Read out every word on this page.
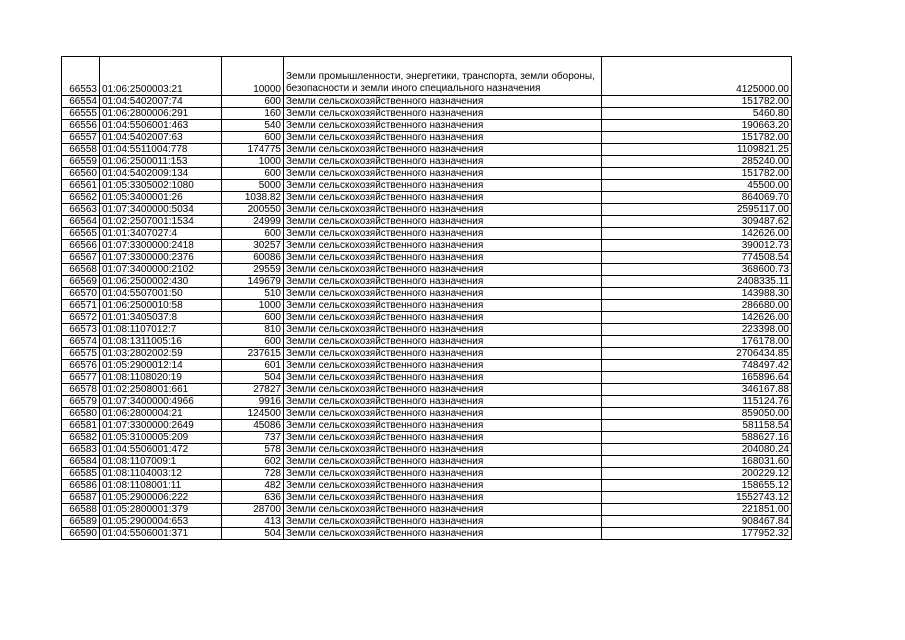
66553	01:06:2500003:21	10000	Земли промышленности, энергетики, транспорта, земли обороны, безопасности и земли иного специального назначения	4125000.00
66554	01:04:5402007:74	600	Земли сельскохозяйственного назначения	151782.00
66555	01:06:2800006:291	160	Земли сельскохозяйственного назначения	5460.80
66556	01:04:5506001:463	540	Земли сельскохозяйственного назначения	190663.20
66557	01:04:5402007:63	600	Земли сельскохозяйственного назначения	151782.00
66558	01:04:5511004:778	174775	Земли сельскохозяйственного назначения	1109821.25
66559	01:06:2500011:153	1000	Земли сельскохозяйственного назначения	285240.00
66560	01:04:5402009:134	600	Земли сельскохозяйственного назначения	151782.00
66561	01:05:3305002:1080	5000	Земли сельскохозяйственного назначения	45500.00
66562	01:05:3400001:26	1038.82	Земли сельскохозяйственного назначения	864069.70
66563	01:07:3400000:5034	200550	Земли сельскохозяйственного назначения	2595117.00
66564	01:02:2507001:1534	24999	Земли сельскохозяйственного назначения	309487.62
66565	01:01:3407027:4	600	Земли сельскохозяйственного назначения	142626.00
66566	01:07:3300000:2418	30257	Земли сельскохозяйственного назначения	390012.73
66567	01:07:3300000:2376	60086	Земли сельскохозяйственного назначения	774508.54
66568	01:07:3400000:2102	29559	Земли сельскохозяйственного назначения	368600.73
66569	01:06:2500002:430	149679	Земли сельскохозяйственного назначения	2408335.11
66570	01:04:5507001:50	510	Земли сельскохозяйственного назначения	143988.30
66571	01:06:2500010:58	1000	Земли сельскохозяйственного назначения	286680.00
66572	01:01:3405037:8	600	Земли сельскохозяйственного назначения	142626.00
66573	01:08:1107012:7	810	Земли сельскохозяйственного назначения	223398.00
66574	01:08:1311005:16	600	Земли сельскохозяйственного назначения	176178.00
66575	01:03:2802002:59	237615	Земли сельскохозяйственного назначения	2706434.85
66576	01:05:2900012:14	601	Земли сельскохозяйственного назначения	748497.42
66577	01:08:1108020:19	504	Земли сельскохозяйственного назначения	165896.64
66578	01:02:2508001:661	27827	Земли сельскохозяйственного назначения	346167.88
66579	01:07:3400000:4966	9916	Земли сельскохозяйственного назначения	115124.76
66580	01:06:2800004:21	124500	Земли сельскохозяйственного назначения	859050.00
66581	01:07:3300000:2649	45086	Земли сельскохозяйственного назначения	581158.54
66582	01:05:3100005:209	737	Земли сельскохозяйственного назначения	588627.16
66583	01:04:5506001:472	578	Земли сельскохозяйственного назначения	204080.24
66584	01:08:1107009:1	602	Земли сельскохозяйственного назначения	168031.60
66585	01:08:1104003:12	728	Земли сельскохозяйственного назначения	200229.12
66586	01:08:1108001:11	482	Земли сельскохозяйственного назначения	158655.12
66587	01:05:2900006:222	636	Земли сельскохозяйственного назначения	1552743.12
66588	01:05:2800001:379	28700	Земли сельскохозяйственного назначения	221851.00
66589	01:05:2900004:653	413	Земли сельскохозяйственного назначения	908467.84
66590	01:04:5506001:371	504	Земли сельскохозяйственного назначения	177952.32
